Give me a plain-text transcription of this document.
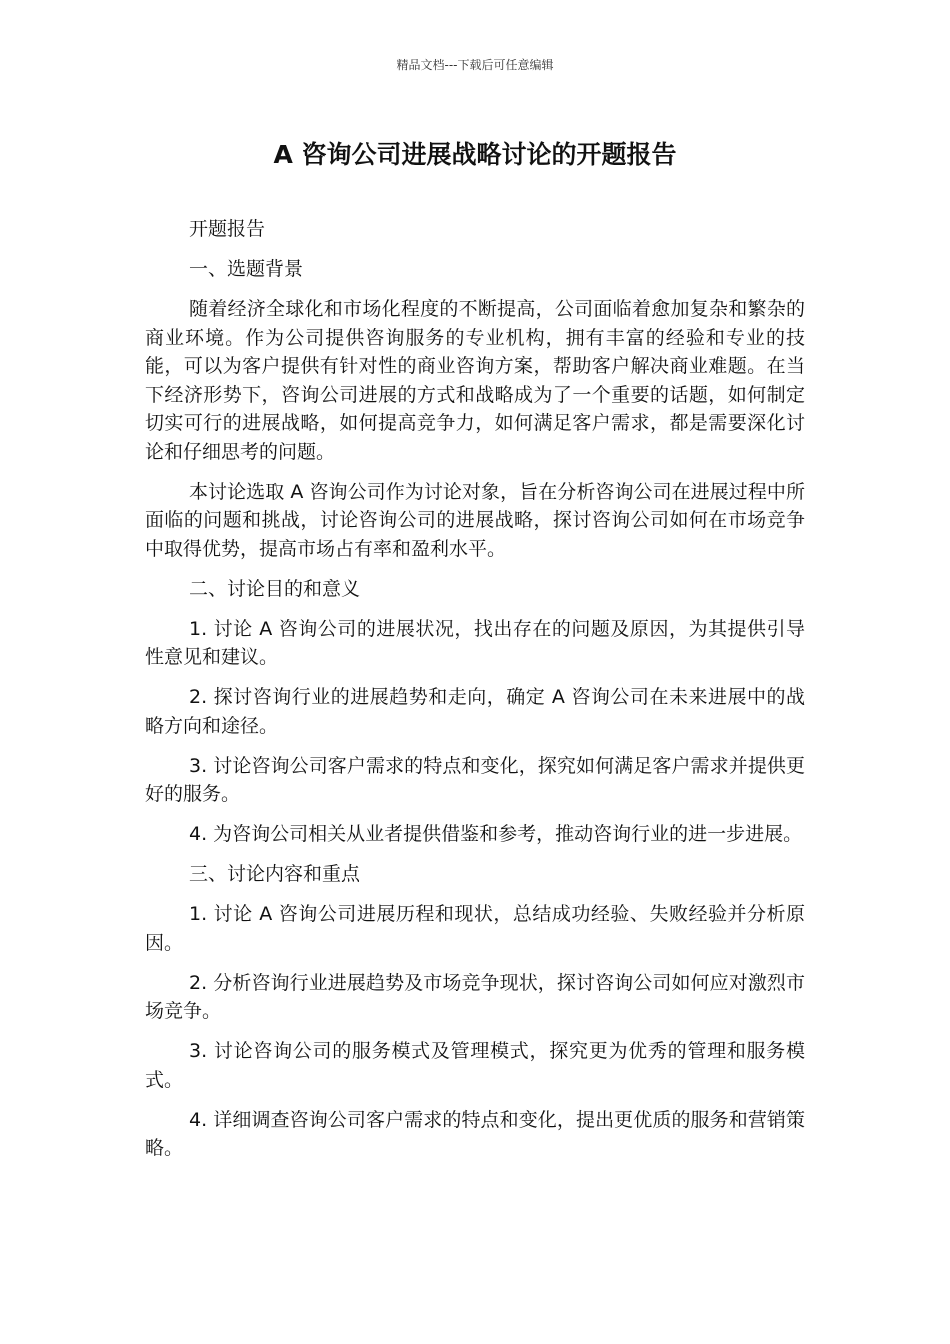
精品文档---下载后可任意编辑
A 咨询公司进展战略讨论的开题报告

开题报告

一、选题背景

随着经济全球化和市场化程度的不断提高，公司面临着愈加复杂和繁杂的商业环境。作为公司提供咨询服务的专业机构，拥有丰富的经验和专业的技能，可以为客户提供有针对性的商业咨询方案，帮助客户解决商业难题。在当下经济形势下，咨询公司进展的方式和战略成为了一个重要的话题，如何制定切实可行的进展战略，如何提高竞争力，如何满足客户需求，都是需要深化讨论和仔细思考的问题。

本讨论选取 A 咨询公司作为讨论对象，旨在分析咨询公司在进展过程中所面临的问题和挑战，讨论咨询公司的进展战略，探讨咨询公司如何在市场竞争中取得优势，提高市场占有率和盈利水平。

二、讨论目的和意义

1. 讨论 A 咨询公司的进展状况，找出存在的问题及原因，为其提供引导性意见和建议。

2. 探讨咨询行业的进展趋势和走向，确定 A 咨询公司在未来进展中的战略方向和途径。

3. 讨论咨询公司客户需求的特点和变化，探究如何满足客户需求并提供更好的服务。

4. 为咨询公司相关从业者提供借鉴和参考，推动咨询行业的进一步进展。

三、讨论内容和重点

1. 讨论 A 咨询公司进展历程和现状，总结成功经验、失败经验并分析原因。

2. 分析咨询行业进展趋势及市场竞争现状，探讨咨询公司如何应对激烈市场竞争。

3. 讨论咨询公司的服务模式及管理模式，探究更为优秀的管理和服务模式。

4. 详细调查咨询公司客户需求的特点和变化，提出更优质的服务和营销策略。
